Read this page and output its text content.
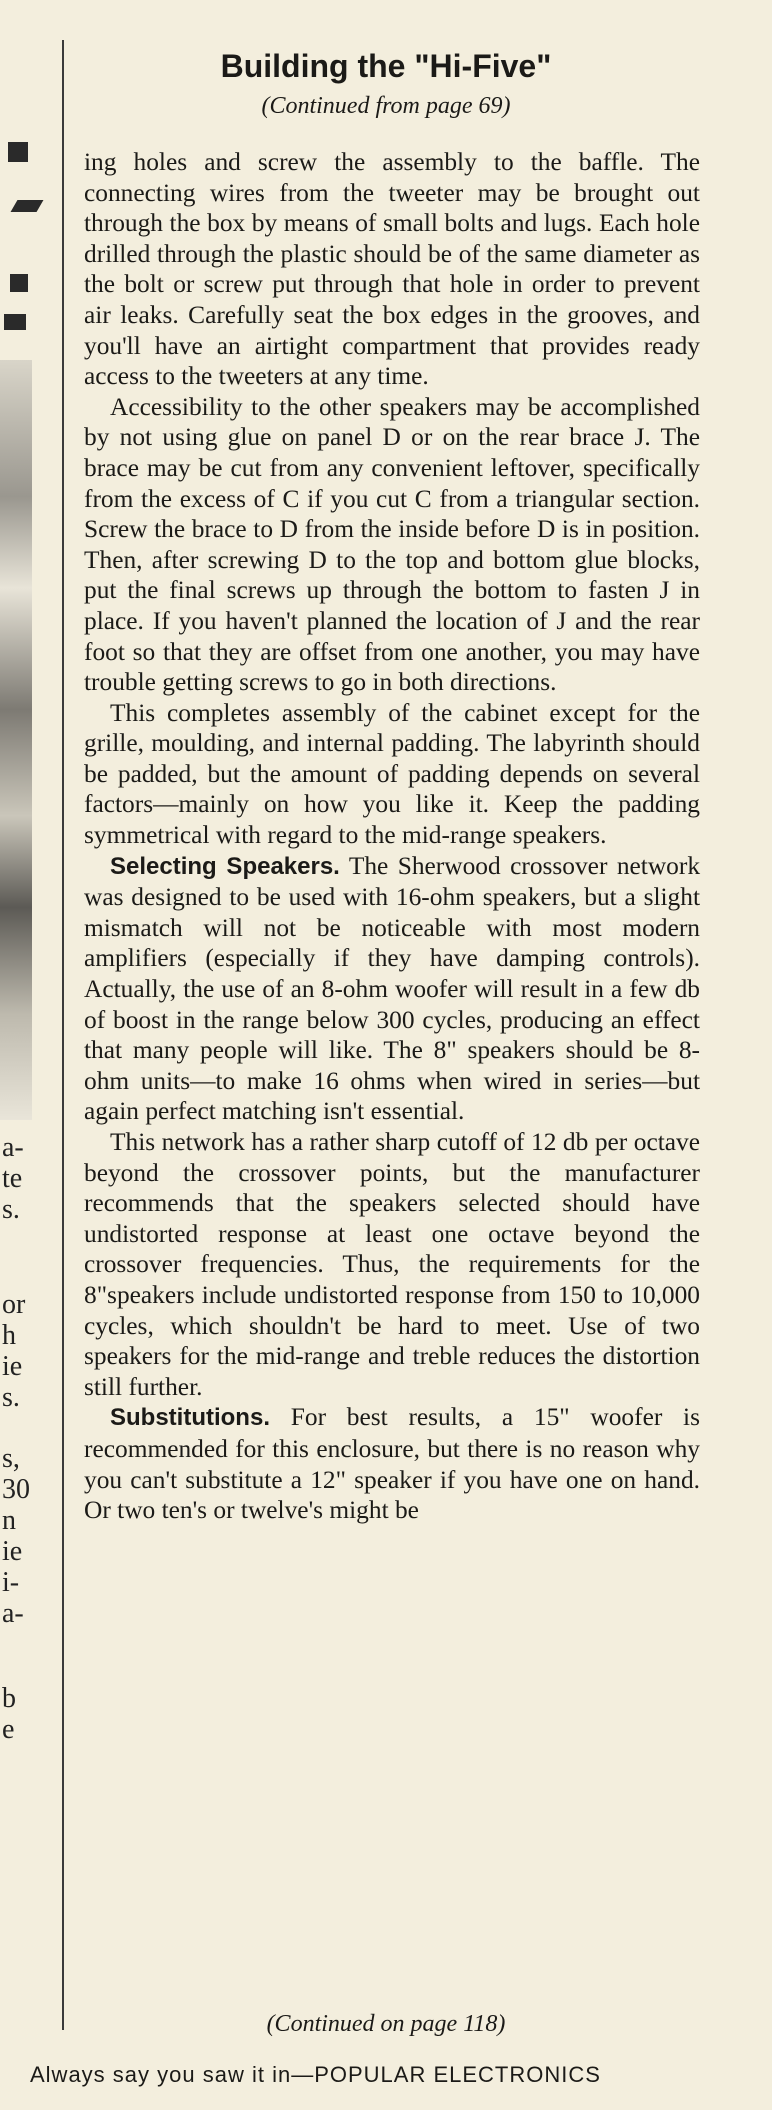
a-
te
s.
or
h
ie
s.
s,
30
n
ie
i-
a-
b
e
Building the "Hi-Five"
(Continued from page 69)

ing holes and screw the assembly to the baffle. The connecting wires from the tweeter may be brought out through the box by means of small bolts and lugs. Each hole drilled through the plastic should be of the same diameter as the bolt or screw put through that hole in order to prevent air leaks. Carefully seat the box edges in the grooves, and you'll have an airtight compartment that provides ready access to the tweeters at any time.

Accessibility to the other speakers may be accomplished by not using glue on panel D or on the rear brace J. The brace may be cut from any convenient leftover, specifically from the excess of C if you cut C from a triangular section. Screw the brace to D from the inside before D is in position. Then, after screwing D to the top and bottom glue blocks, put the final screws up through the bottom to fasten J in place. If you haven't planned the location of J and the rear foot so that they are offset from one another, you may have trouble getting screws to go in both directions.

This completes assembly of the cabinet except for the grille, moulding, and internal padding. The labyrinth should be padded, but the amount of padding depends on several factors—mainly on how you like it. Keep the padding symmetrical with regard to the mid-range speakers.

Selecting Speakers. The Sherwood crossover network was designed to be used with 16-ohm speakers, but a slight mismatch will not be noticeable with most modern amplifiers (especially if they have damping controls). Actually, the use of an 8-ohm woofer will result in a few db of boost in the range below 300 cycles, producing an effect that many people will like. The 8" speakers should be 8-ohm units—to make 16 ohms when wired in series—but again perfect matching isn't essential.

This network has a rather sharp cutoff of 12 db per octave beyond the crossover points, but the manufacturer recommends that the speakers selected should have undistorted response at least one octave beyond the crossover frequencies. Thus, the requirements for the 8"speakers include undistorted response from 150 to 10,000 cycles, which shouldn't be hard to meet. Use of two speakers for the mid-range and treble reduces the distortion still further.

Substitutions. For best results, a 15" woofer is recommended for this enclosure, but there is no reason why you can't substitute a 12" speaker if you have one on hand. Or two ten's or twelve's might be

(Continued on page 118)
Always say you saw it in—POPULAR ELECTRONICS
